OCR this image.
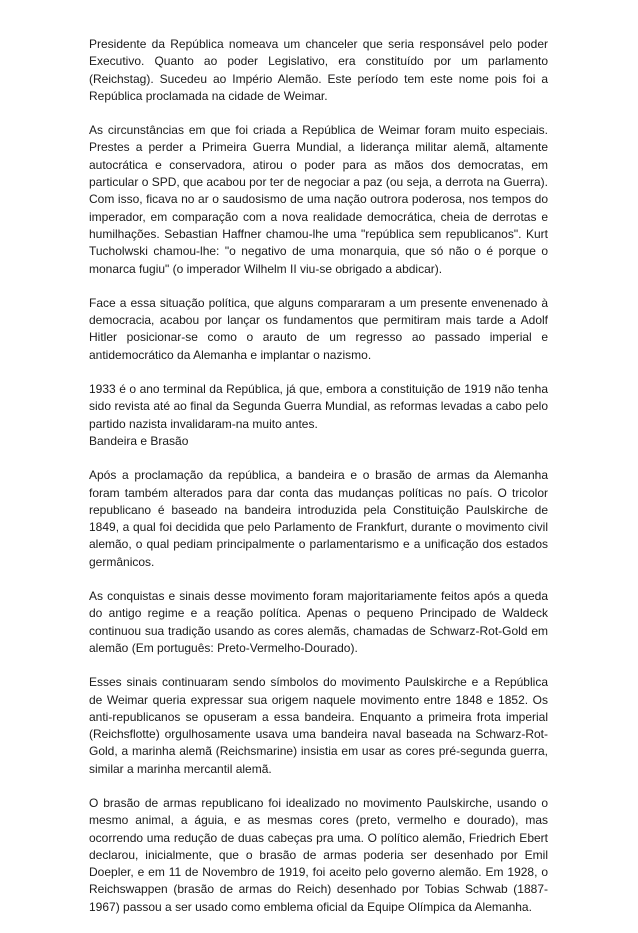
Presidente da República nomeava um chanceler que seria responsável pelo poder Executivo. Quanto ao poder Legislativo, era constituído por um parlamento (Reichstag). Sucedeu ao Império Alemão. Este período tem este nome pois foi a República proclamada na cidade de Weimar.

As circunstâncias em que foi criada a República de Weimar foram muito especiais. Prestes a perder a Primeira Guerra Mundial, a liderança militar alemã, altamente autocrática e conservadora, atirou o poder para as mãos dos democratas, em particular o SPD, que acabou por ter de negociar a paz (ou seja, a derrota na Guerra). Com isso, ficava no ar o saudosismo de uma nação outrora poderosa, nos tempos do imperador, em comparação com a nova realidade democrática, cheia de derrotas e humilhações. Sebastian Haffner chamou-lhe uma "república sem republicanos". Kurt Tucholwski chamou-lhe: "o negativo de uma monarquia, que só não o é porque o monarca fugiu" (o imperador Wilhelm II viu-se obrigado a abdicar).

Face a essa situação política, que alguns compararam a um presente envenenado à democracia, acabou por lançar os fundamentos que permitiram mais tarde a Adolf Hitler posicionar-se como o arauto de um regresso ao passado imperial e antidemocrático da Alemanha e implantar o nazismo.

1933 é o ano terminal da República, já que, embora a constituição de 1919 não tenha sido revista até ao final da Segunda Guerra Mundial, as reformas levadas a cabo pelo partido nazista invalidaram-na muito antes.

Bandeira e Brasão

Após a proclamação da república, a bandeira e o brasão de armas da Alemanha foram também alterados para dar conta das mudanças políticas no país. O tricolor republicano é baseado na bandeira introduzida pela Constituição Paulskirche de 1849, a qual foi decidida que pelo Parlamento de Frankfurt, durante o movimento civil alemão, o qual pediam principalmente o parlamentarismo e a unificação dos estados germânicos.

As conquistas e sinais desse movimento foram majoritariamente feitos após a queda do antigo regime e a reação política. Apenas o pequeno Principado de Waldeck continuou sua tradição usando as cores alemãs, chamadas de Schwarz-Rot-Gold em alemão (Em português: Preto-Vermelho-Dourado).

Esses sinais continuaram sendo símbolos do movimento Paulskirche e a República de Weimar queria expressar sua origem naquele movimento entre 1848 e 1852. Os anti-republicanos se opuseram a essa bandeira. Enquanto a primeira frota imperial (Reichsflotte) orgulhosamente usava uma bandeira naval baseada na Schwarz-Rot-Gold, a marinha alemã (Reichsmarine) insistia em usar as cores pré-segunda guerra, similar a marinha mercantil alemã.

O brasão de armas republicano foi idealizado no movimento Paulskirche, usando o mesmo animal, a águia, e as mesmas cores (preto, vermelho e dourado), mas ocorrendo uma redução de duas cabeças pra uma. O político alemão, Friedrich Ebert declarou, inicialmente, que o brasão de armas poderia ser desenhado por Emil Doepler, e em 11 de Novembro de 1919, foi aceito pelo governo alemão. Em 1928, o Reichswappen (brasão de armas do Reich) desenhado por Tobias Schwab (1887-1967) passou a ser usado como emblema oficial da Equipe Olímpica da Alemanha.
